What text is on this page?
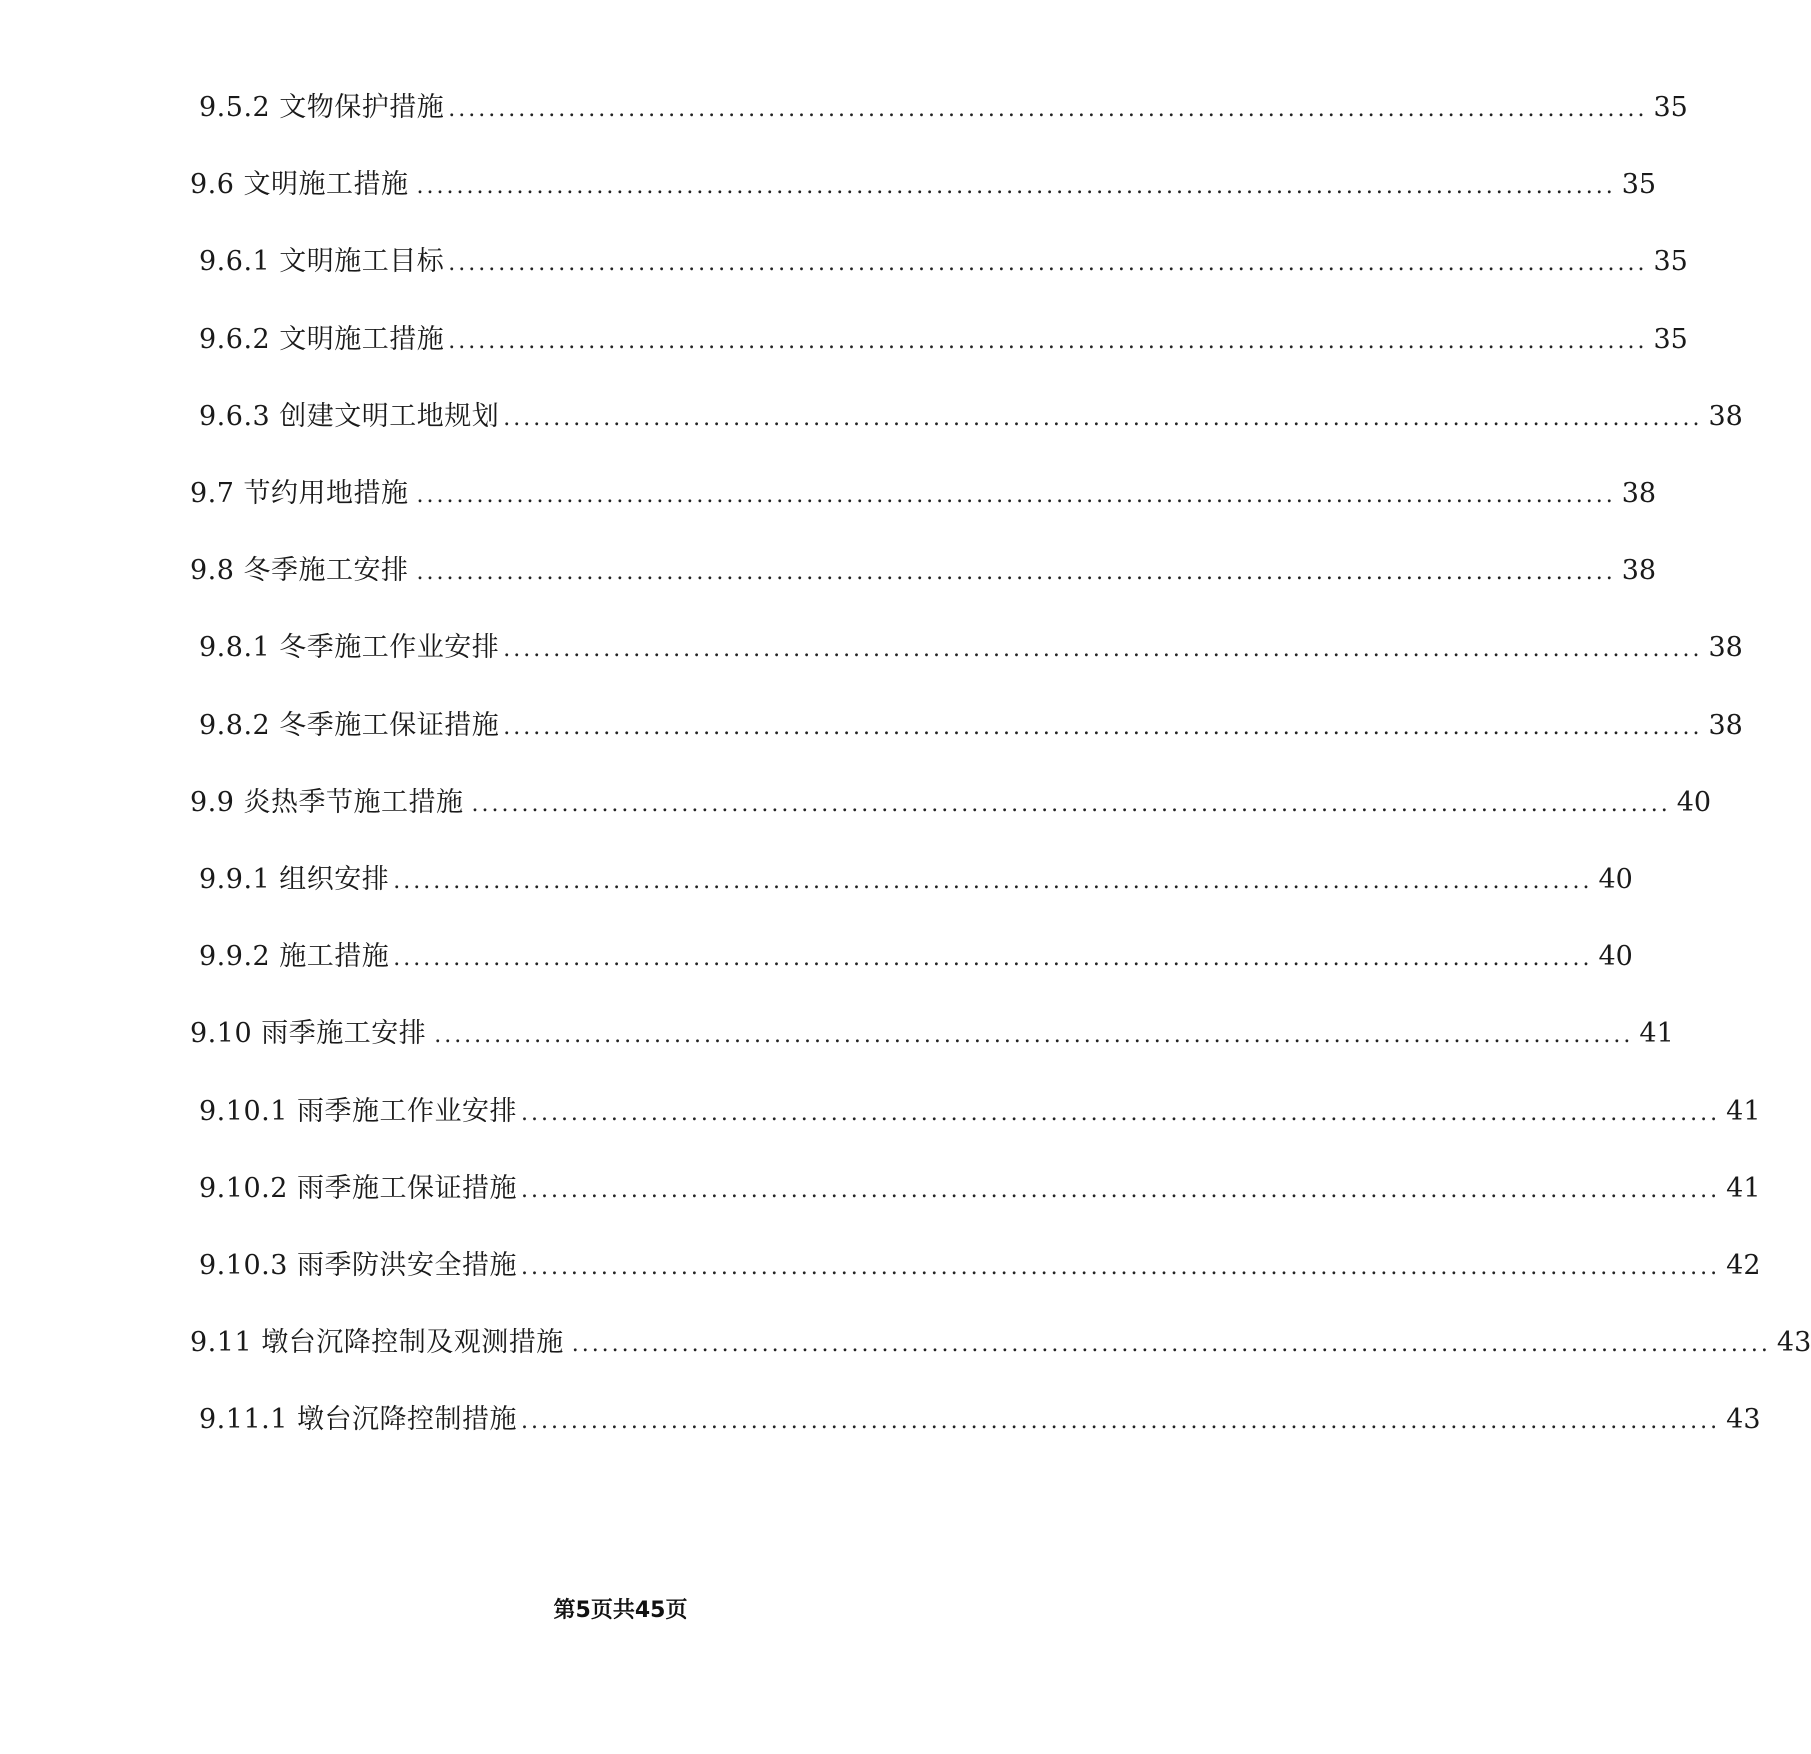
9.5.2 文物保护措施 ........................................................................................................................ 35
9.6 文明施工措施 ........................................................................................................................ 35
9.6.1 文明施工目标 ........................................................................................................................ 35
9.6.2 文明施工措施 ........................................................................................................................ 35
9.6.3 创建文明工地规划 ........................................................................................................................ 38
9.7 节约用地措施 ........................................................................................................................ 38
9.8 冬季施工安排 ........................................................................................................................ 38
9.8.1 冬季施工作业安排 ........................................................................................................................ 38
9.8.2 冬季施工保证措施 ........................................................................................................................ 38
9.9 炎热季节施工措施 ........................................................................................................................ 40
9.9.1 组织安排 ........................................................................................................................ 40
9.9.2 施工措施 ........................................................................................................................ 40
9.10 雨季施工安排 ........................................................................................................................ 41
9.10.1 雨季施工作业安排 ........................................................................................................................ 41
9.10.2 雨季施工保证措施 ........................................................................................................................ 41
9.10.3 雨季防洪安全措施 ........................................................................................................................ 42
9.11 墩台沉降控制及观测措施 ........................................................................................................................ 43
9.11.1 墩台沉降控制措施 ........................................................................................................................ 43
第5页共45页
